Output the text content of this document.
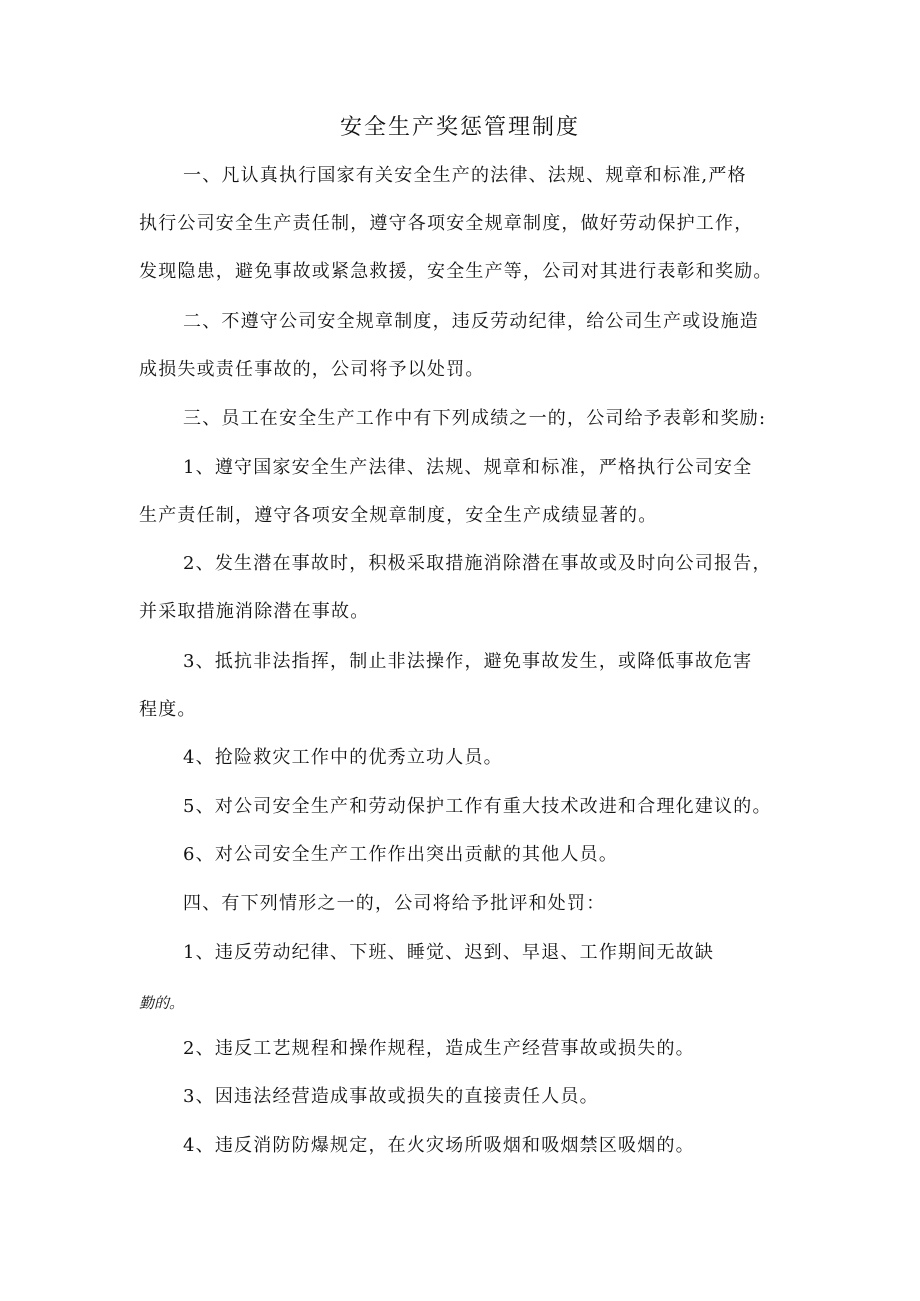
安全生产奖惩管理制度
一、凡认真执行国家有关安全生产的法律、法规、规章和标准,严格
执行公司安全生产责任制，遵守各项安全规章制度，做好劳动保护工作，
发现隐患，避免事故或紧急救援，安全生产等，公司对其进行表彰和奖励。
二、不遵守公司安全规章制度，违反劳动纪律，给公司生产或设施造
成损失或责任事故的，公司将予以处罚。
三、员工在安全生产工作中有下列成绩之一的，公司给予表彰和奖励:
1、遵守国家安全生产法律、法规、规章和标准，严格执行公司安全
生产责任制，遵守各项安全规章制度，安全生产成绩显著的。
2、发生潜在事故时，积极采取措施消除潜在事故或及时向公司报告，
并采取措施消除潜在事故。
3、抵抗非法指挥，制止非法操作，避免事故发生，或降低事故危害
程度。
4、抢险救灾工作中的优秀立功人员。
5、对公司安全生产和劳动保护工作有重大技术改进和合理化建议的。
6、对公司安全生产工作作出突出贡献的其他人员。
四、有下列情形之一的，公司将给予批评和处罚：
1、违反劳动纪律、下班、睡觉、迟到、早退、工作期间无故缺
勤的。
2、违反工艺规程和操作规程，造成生产经营事故或损失的。
3、因违法经营造成事故或损失的直接责任人员。
4、违反消防防爆规定，在火灾场所吸烟和吸烟禁区吸烟的。
